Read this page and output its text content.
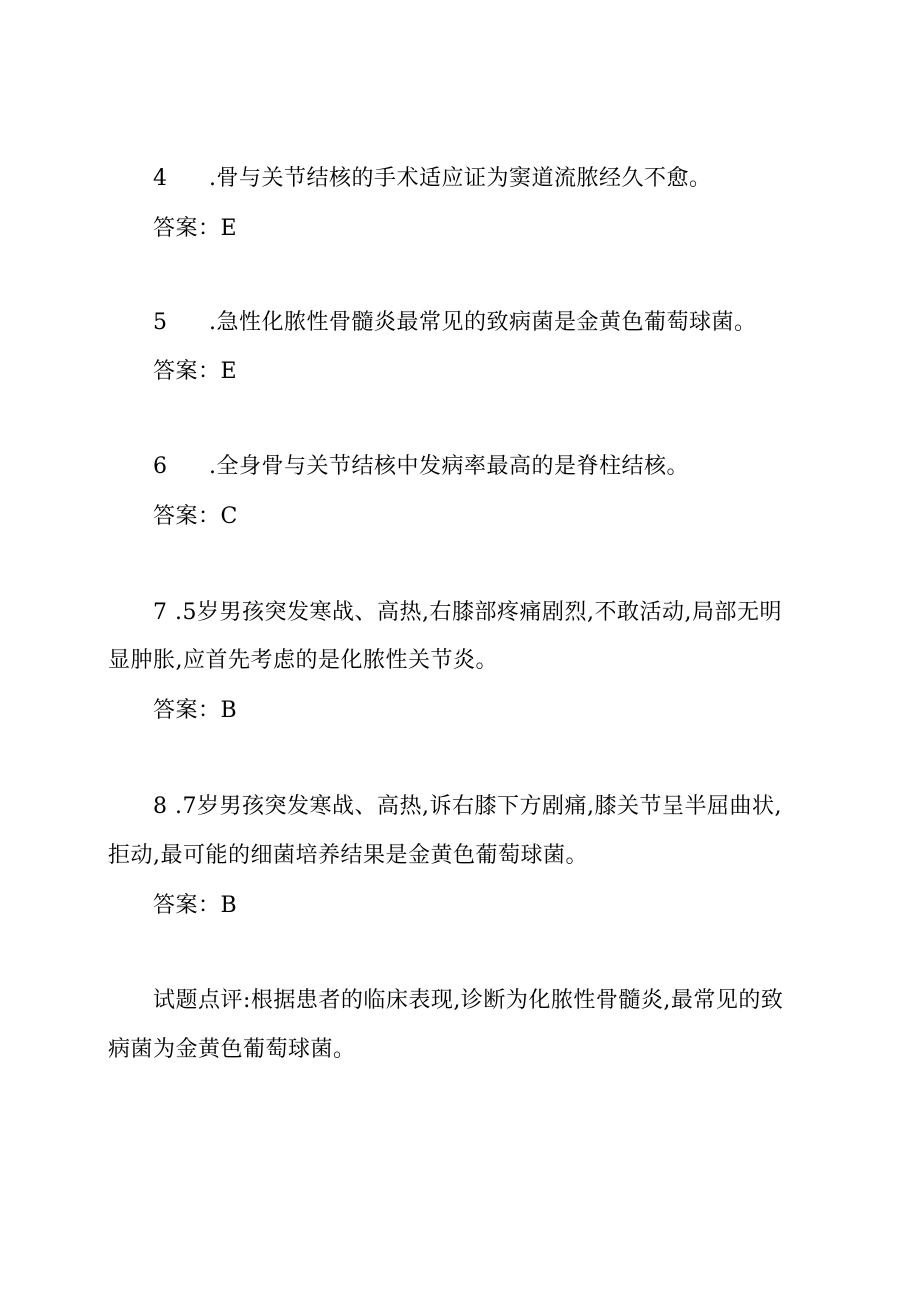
4 .骨与关节结核的手术适应证为窦道流脓经久不愈。
答案：E
5 .急性化脓性骨髓炎最常见的致病菌是金黄色葡萄球菌。
答案：E
6 .全身骨与关节结核中发病率最高的是脊柱结核。
答案：C
7 .5岁男孩突发寒战、高热,右膝部疼痛剧烈,不敢活动,局部无明
显肿胀,应首先考虑的是化脓性关节炎。
答案：B
8 .7岁男孩突发寒战、高热,诉右膝下方剧痛,膝关节呈半屈曲状,
拒动,最可能的细菌培养结果是金黄色葡萄球菌。
答案：B
试题点评:根据患者的临床表现,诊断为化脓性骨髓炎,最常见的致
病菌为金黄色葡萄球菌。
